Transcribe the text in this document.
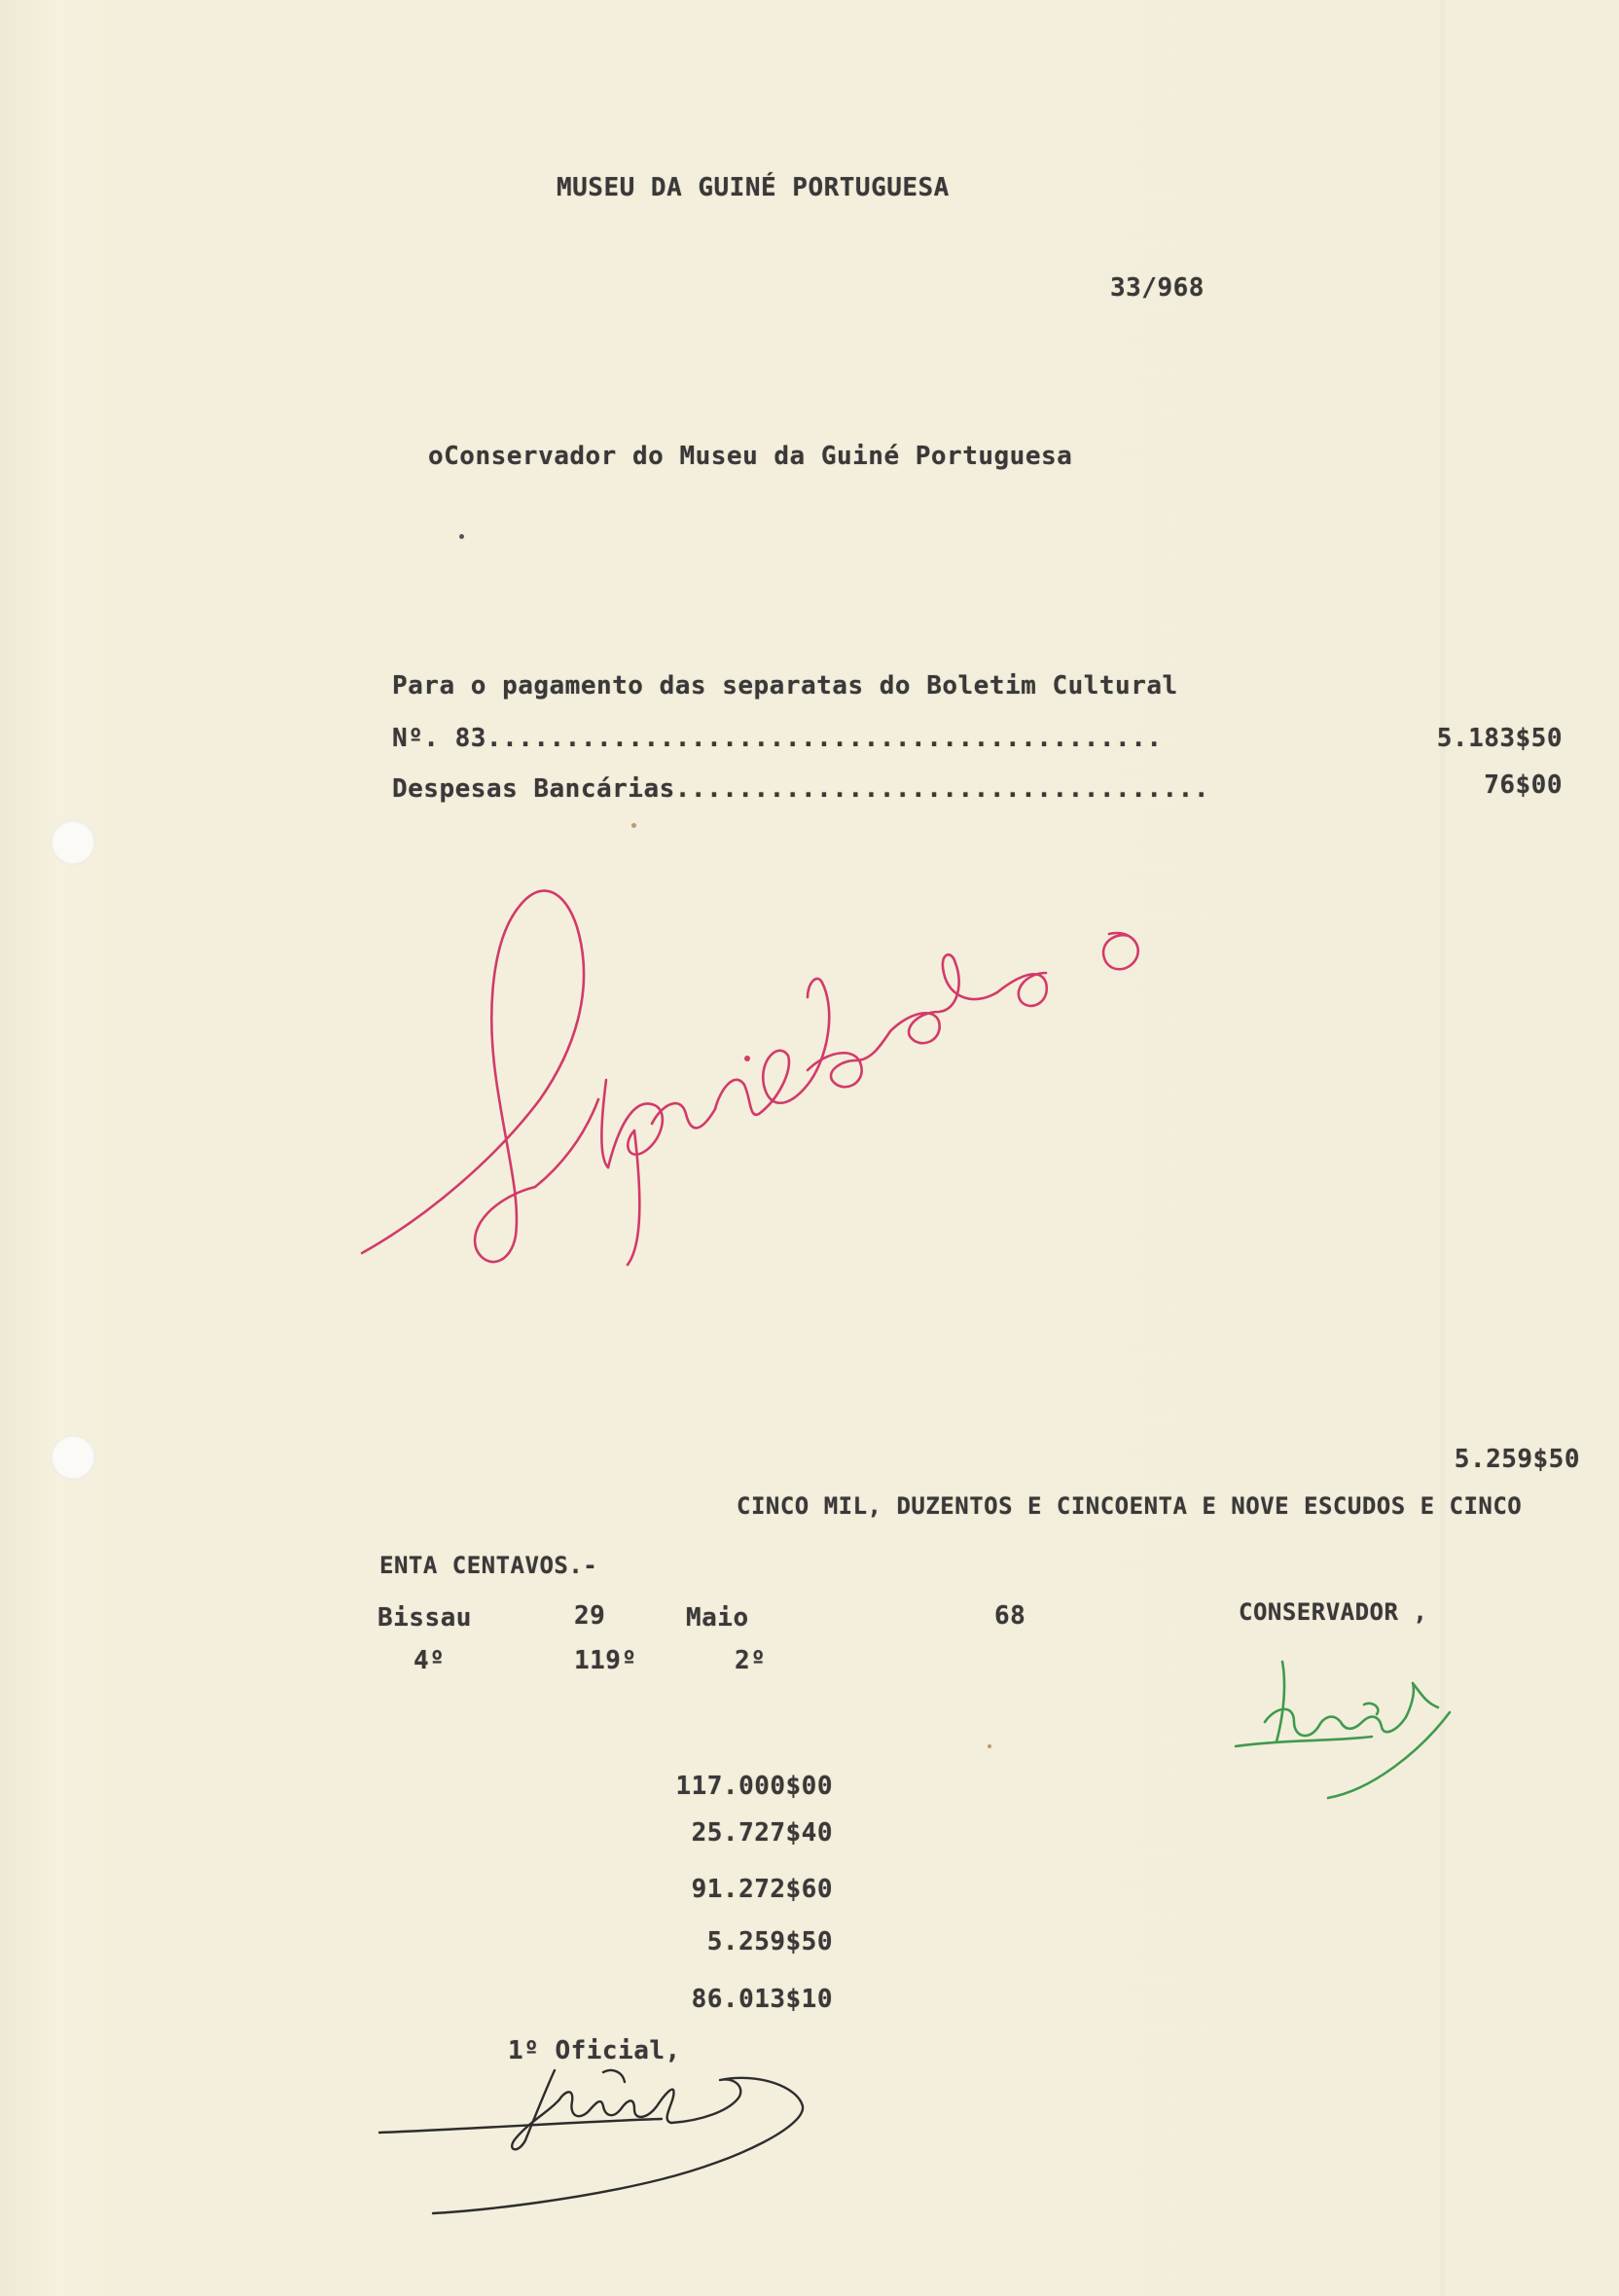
MUSEU DA GUINÉ PORTUGUESA
33/968
oConservador do Museu da Guiné Portuguesa
Para o pagamento das separatas do Boletim Cultural
Nº. 83...........................................	5.183$50
Despesas Bancárias..................................	76$00
5.259$50
CINCO MIL, DUZENTOS E CINCOENTA E NOVE ESCUDOS E CINCO
ENTA CENTAVOS.-
Bissau	29	Maio	68	CONSERVADOR ,
4º	119º	2º
117.000$00
25.727$40
91.272$60
5.259$50
86.013$10
1º Oficial,
